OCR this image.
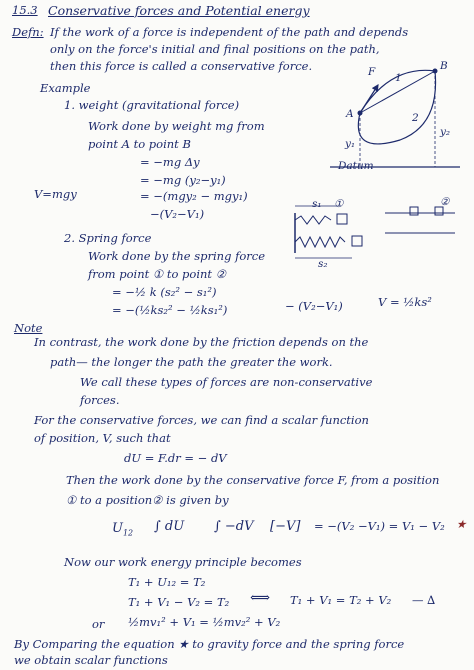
15.3 Conservative forces and Potential energy
Defn: If the work of a force is independent of the path and depends
only on the force's initial and final positions on the path,
then this force is called a conservative force.
Example
1. weight (gravitational force)
Work done by weight mg from
point A to point B
= −mg Δy
= −mg (y₂−y₁)
V=mgy	= −(mgy₂ − mgy₁)
−(V₂−V₁)
A
B
F 1
2
y₁
y₂
Datum
2. Spring force
Work done by the spring force
from point ① to point ②
= −½ k (s₂² − s₁²)
= −(½ks₂² − ½ks₁²)	− (V₂−V₁)	V = ½ks²
s₁
s₂
①	②
Note
In contrast, the work done by the friction depends on the
path— the longer the path the greater the work.
We call these types of forces are non-conservative
forces.
For the conservative forces, we can find a scalar function
of position, V, such that
dU = F.dr = − dV
Then the work done by the conservative force F, from a position
① to a position② is given by
$U_{12}$ ∫ dU ∫ −dV [−V] = −(V₂ −V₁) = V₁ − V₂ ★
Now our work energy principle becomes
T₁ + U₁₂ = T₂
T₁ + V₁ − V₂ = T₂ ⟺ T₁ + V₁ = T₂ + V₂ — ∆
or ½mv₁² + V₁ = ½mv₂² + V₂
By Comparing the equation ★ to gravity force and the spring force
we obtain scalar functions
